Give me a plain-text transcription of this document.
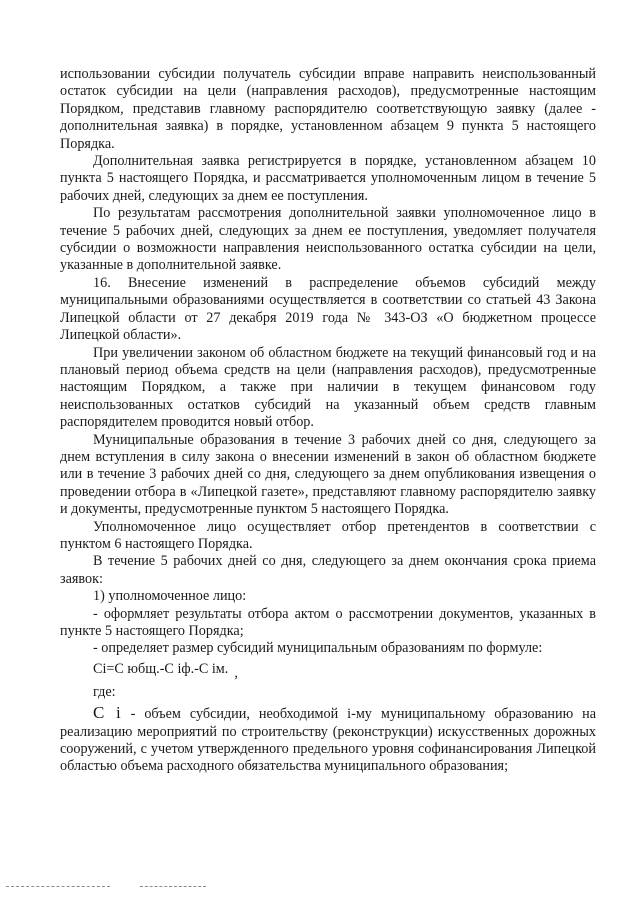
использовании субсидии получатель субсидии вправе направить неиспользованный остаток субсидии на цели (направления расходов), предусмотренные настоящим Порядком, представив главному распорядителю соответствующую заявку (далее - дополнительная заявка) в порядке, установленном абзацем 9 пункта 5 настоящего Порядка.

Дополнительная заявка регистрируется в порядке, установленном абзацем 10 пункта 5 настоящего Порядка, и рассматривается уполномоченным лицом в течение 5 рабочих дней, следующих за днем ее поступления.

По результатам рассмотрения дополнительной заявки уполномоченное лицо в течение 5 рабочих дней, следующих за днем ее поступления, уведомляет получателя субсидии о возможности направления неиспользованного остатка субсидии на цели, указанные в дополнительной заявке.

16. Внесение изменений в распределение объемов субсидий между муниципальными образованиями осуществляется в соответствии со статьей 43 Закона Липецкой области от 27 декабря 2019 года № 343-ОЗ «О бюджетном процессе Липецкой области».

При увеличении законом об областном бюджете на текущий финансовый год и на плановый период объема средств на цели (направления расходов), предусмотренные настоящим Порядком, а также при наличии в текущем финансовом году неиспользованных остатков субсидий на указанный объем средств главным распорядителем проводится новый отбор.

Муниципальные образования в течение 3 рабочих дней со дня, следующего за днем вступления в силу закона о внесении изменений в закон об областном бюджете или в течение 3 рабочих дней со дня, следующего за днем опубликования извещения о проведении отбора в «Липецкой газете», представляют главному распорядителю заявку и документы, предусмотренные пунктом 5 настоящего Порядка.

Уполномоченное лицо осуществляет отбор претендентов в соответствии с пунктом 6 настоящего Порядка.

В течение 5 рабочих дней со дня, следующего за днем окончания срока приема заявок:

1) уполномоченное лицо:

- оформляет результаты отбора актом о рассмотрении документов, указанных в пункте 5 настоящего Порядка;

- определяет размер субсидий муниципальным образованиям по формуле:

Ci=C юбщ.-C iф.-C iм. ,

где:

C i - объем субсидии, необходимой i-му муниципальному образованию на реализацию мероприятий по строительству (реконструкции) искусственных дорожных сооружений, с учетом утвержденного предельного уровня софинансирования Липецкой областью объема расходного обязательства муниципального образования;
